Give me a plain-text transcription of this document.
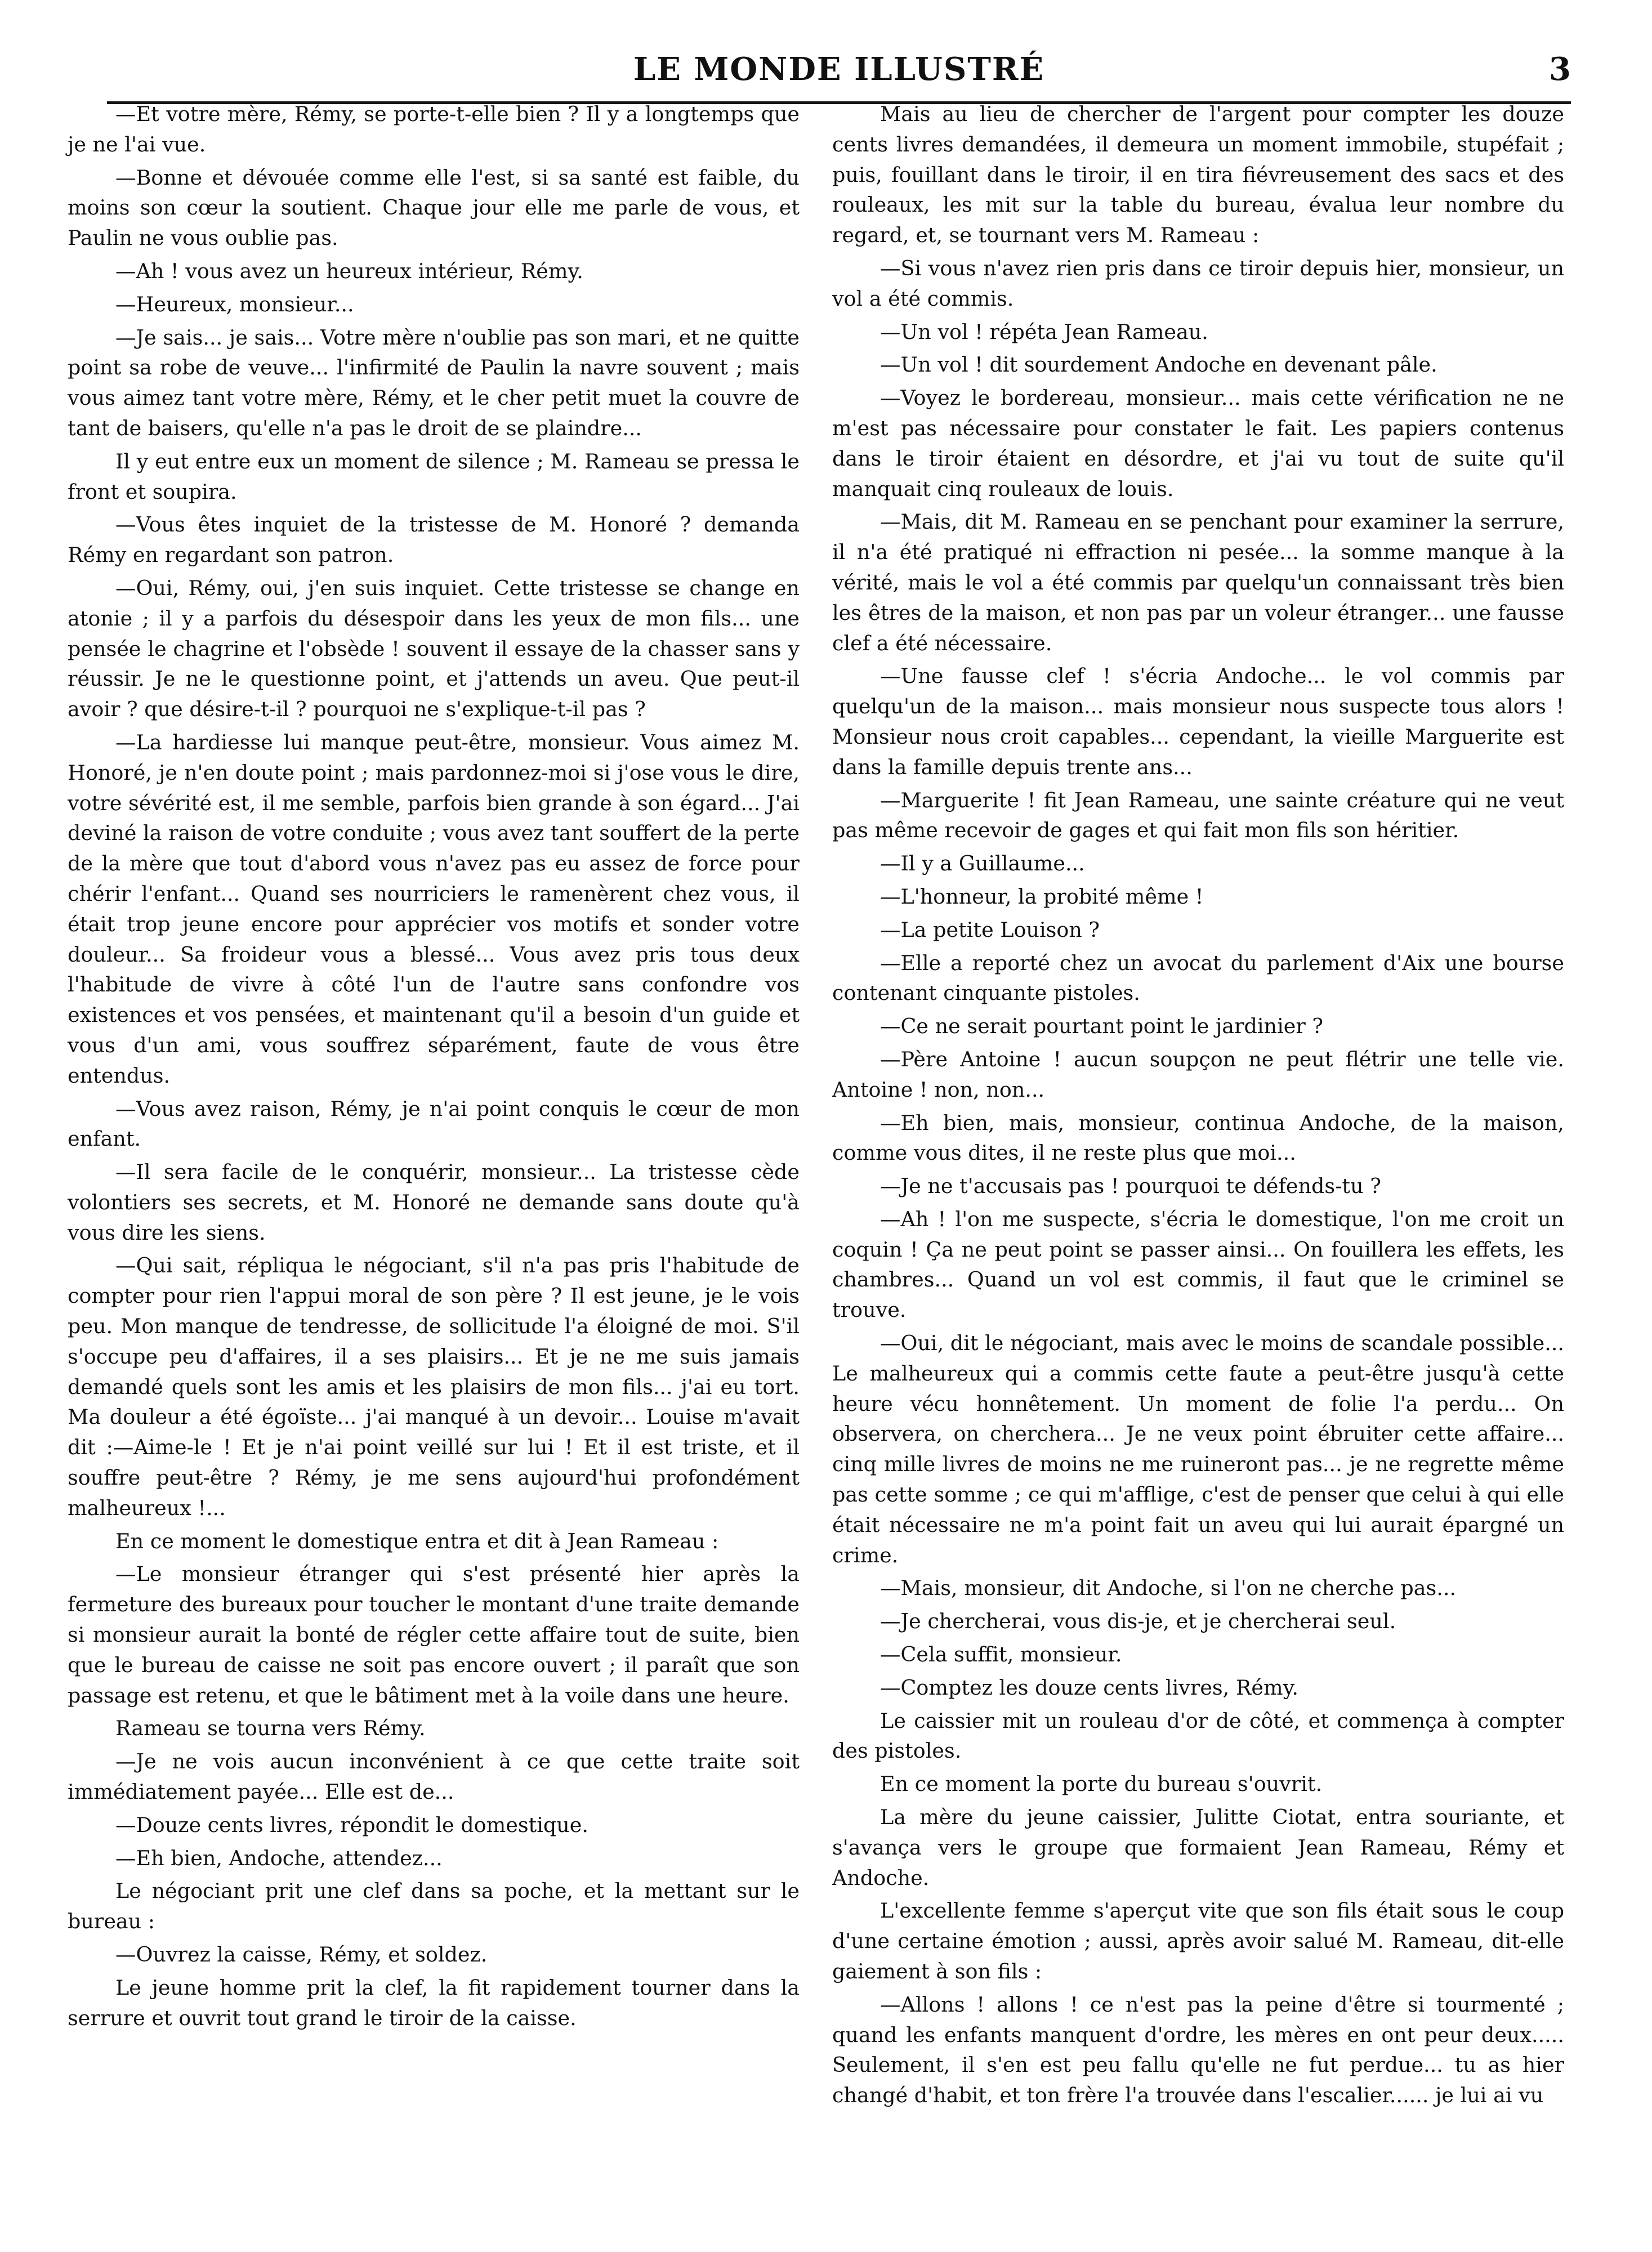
LE MONDE ILLUSTRÉ	3

—Et votre mère, Rémy, se porte-t-elle bien ? Il y a longtemps que je ne l'ai vue.

—Bonne et dévouée comme elle l'est, si sa santé est faible, du moins son cœur la soutient. Chaque jour elle me parle de vous, et Paulin ne vous oublie pas.

—Ah ! vous avez un heureux intérieur, Rémy.

—Heureux, monsieur...

—Je sais... je sais... Votre mère n'oublie pas son mari, et ne quitte point sa robe de veuve... l'infirmité de Paulin la navre souvent ; mais vous aimez tant votre mère, Rémy, et le cher petit muet la couvre de tant de baisers, qu'elle n'a pas le droit de se plaindre...

Il y eut entre eux un moment de silence ; M. Rameau se pressa le front et soupira.

—Vous êtes inquiet de la tristesse de M. Honoré ? demanda Rémy en regardant son patron.

—Oui, Rémy, oui, j'en suis inquiet. Cette tristesse se change en atonie ; il y a parfois du désespoir dans les yeux de mon fils... une pensée le chagrine et l'obsède ! souvent il essaye de la chasser sans y réussir. Je ne le questionne point, et j'attends un aveu. Que peut-il avoir ? que désire-t-il ? pourquoi ne s'explique-t-il pas ?

—La hardiesse lui manque peut-être, monsieur. Vous aimez M. Honoré, je n'en doute point ; mais pardonnez-moi si j'ose vous le dire, votre sévérité est, il me semble, parfois bien grande à son égard... J'ai deviné la raison de votre conduite ; vous avez tant souffert de la perte de la mère que tout d'abord vous n'avez pas eu assez de force pour chérir l'enfant... Quand ses nourriciers le ramenèrent chez vous, il était trop jeune encore pour apprécier vos motifs et sonder votre douleur... Sa froideur vous a blessé... Vous avez pris tous deux l'habitude de vivre à côté l'un de l'autre sans confondre vos existences et vos pensées, et maintenant qu'il a besoin d'un guide et vous d'un ami, vous souffrez séparément, faute de vous être entendus.

—Vous avez raison, Rémy, je n'ai point conquis le cœur de mon enfant.

—Il sera facile de le conquérir, monsieur... La tristesse cède volontiers ses secrets, et M. Honoré ne demande sans doute qu'à vous dire les siens.

—Qui sait, répliqua le négociant, s'il n'a pas pris l'habitude de compter pour rien l'appui moral de son père ? Il est jeune, je le vois peu. Mon manque de tendresse, de sollicitude l'a éloigné de moi. S'il s'occupe peu d'affaires, il a ses plaisirs... Et je ne me suis jamais demandé quels sont les amis et les plaisirs de mon fils... j'ai eu tort. Ma douleur a été égoïste... j'ai manqué à un devoir... Louise m'avait dit :—Aime-le ! Et je n'ai point veillé sur lui ! Et il est triste, et il souffre peut-être ? Rémy, je me sens aujourd'hui profondément malheureux !...

En ce moment le domestique entra et dit à Jean Rameau :

—Le monsieur étranger qui s'est présenté hier après la fermeture des bureaux pour toucher le montant d'une traite demande si monsieur aurait la bonté de régler cette affaire tout de suite, bien que le bureau de caisse ne soit pas encore ouvert ; il paraît que son passage est retenu, et que le bâtiment met à la voile dans une heure.

Rameau se tourna vers Rémy.

—Je ne vois aucun inconvénient à ce que cette traite soit immédiatement payée... Elle est de...

—Douze cents livres, répondit le domestique.

—Eh bien, Andoche, attendez...

Le négociant prit une clef dans sa poche, et la mettant sur le bureau :

—Ouvrez la caisse, Rémy, et soldez.

Le jeune homme prit la clef, la fit rapidement tourner dans la serrure et ouvrit tout grand le tiroir de la caisse.

Mais au lieu de chercher de l'argent pour compter les douze cents livres demandées, il demeura un moment immobile, stupéfait ; puis, fouillant dans le tiroir, il en tira fiévreusement des sacs et des rouleaux, les mit sur la table du bureau, évalua leur nombre du regard, et, se tournant vers M. Rameau :

—Si vous n'avez rien pris dans ce tiroir depuis hier, monsieur, un vol a été commis.

—Un vol ! répéta Jean Rameau.

—Un vol ! dit sourdement Andoche en devenant pâle.

—Voyez le bordereau, monsieur... mais cette vérification ne ne m'est pas nécessaire pour constater le fait. Les papiers contenus dans le tiroir étaient en désordre, et j'ai vu tout de suite qu'il manquait cinq rouleaux de louis.

—Mais, dit M. Rameau en se penchant pour examiner la serrure, il n'a été pratiqué ni effraction ni pesée... la somme manque à la vérité, mais le vol a été commis par quelqu'un connaissant très bien les êtres de la maison, et non pas par un voleur étranger... une fausse clef a été nécessaire.

—Une fausse clef ! s'écria Andoche... le vol commis par quelqu'un de la maison... mais monsieur nous suspecte tous alors ! Monsieur nous croit capables... cependant, la vieille Marguerite est dans la famille depuis trente ans...

—Marguerite ! fit Jean Rameau, une sainte créature qui ne veut pas même recevoir de gages et qui fait mon fils son héritier.

—Il y a Guillaume...

—L'honneur, la probité même !

—La petite Louison ?

—Elle a reporté chez un avocat du parlement d'Aix une bourse contenant cinquante pistoles.

—Ce ne serait pourtant point le jardinier ?

—Père Antoine ! aucun soupçon ne peut flétrir une telle vie. Antoine ! non, non...

—Eh bien, mais, monsieur, continua Andoche, de la maison, comme vous dites, il ne reste plus que moi...

—Je ne t'accusais pas ! pourquoi te défends-tu ?

—Ah ! l'on me suspecte, s'écria le domestique, l'on me croit un coquin ! Ça ne peut point se passer ainsi... On fouillera les effets, les chambres... Quand un vol est commis, il faut que le criminel se trouve.

—Oui, dit le négociant, mais avec le moins de scandale possible... Le malheureux qui a commis cette faute a peut-être jusqu'à cette heure vécu honnêtement. Un moment de folie l'a perdu... On observera, on cherchera... Je ne veux point ébruiter cette affaire... cinq mille livres de moins ne me ruineront pas... je ne regrette même pas cette somme ; ce qui m'afflige, c'est de penser que celui à qui elle était nécessaire ne m'a point fait un aveu qui lui aurait épargné un crime.

—Mais, monsieur, dit Andoche, si l'on ne cherche pas...

—Je chercherai, vous dis-je, et je chercherai seul.

—Cela suffit, monsieur.

—Comptez les douze cents livres, Rémy.

Le caissier mit un rouleau d'or de côté, et commença à compter des pistoles.

En ce moment la porte du bureau s'ouvrit.

La mère du jeune caissier, Julitte Ciotat, entra souriante, et s'avança vers le groupe que formaient Jean Rameau, Rémy et Andoche.

L'excellente femme s'aperçut vite que son fils était sous le coup d'une certaine émotion ; aussi, après avoir salué M. Rameau, dit-elle gaiement à son fils :

—Allons ! allons ! ce n'est pas la peine d'être si tourmenté ; quand les enfants manquent d'ordre, les mères en ont peur deux..... Seulement, il s'en est peu fallu qu'elle ne fut perdue... tu as hier changé d'habit, et ton frère l'a trouvée dans l'escalier...... je lui ai vu
